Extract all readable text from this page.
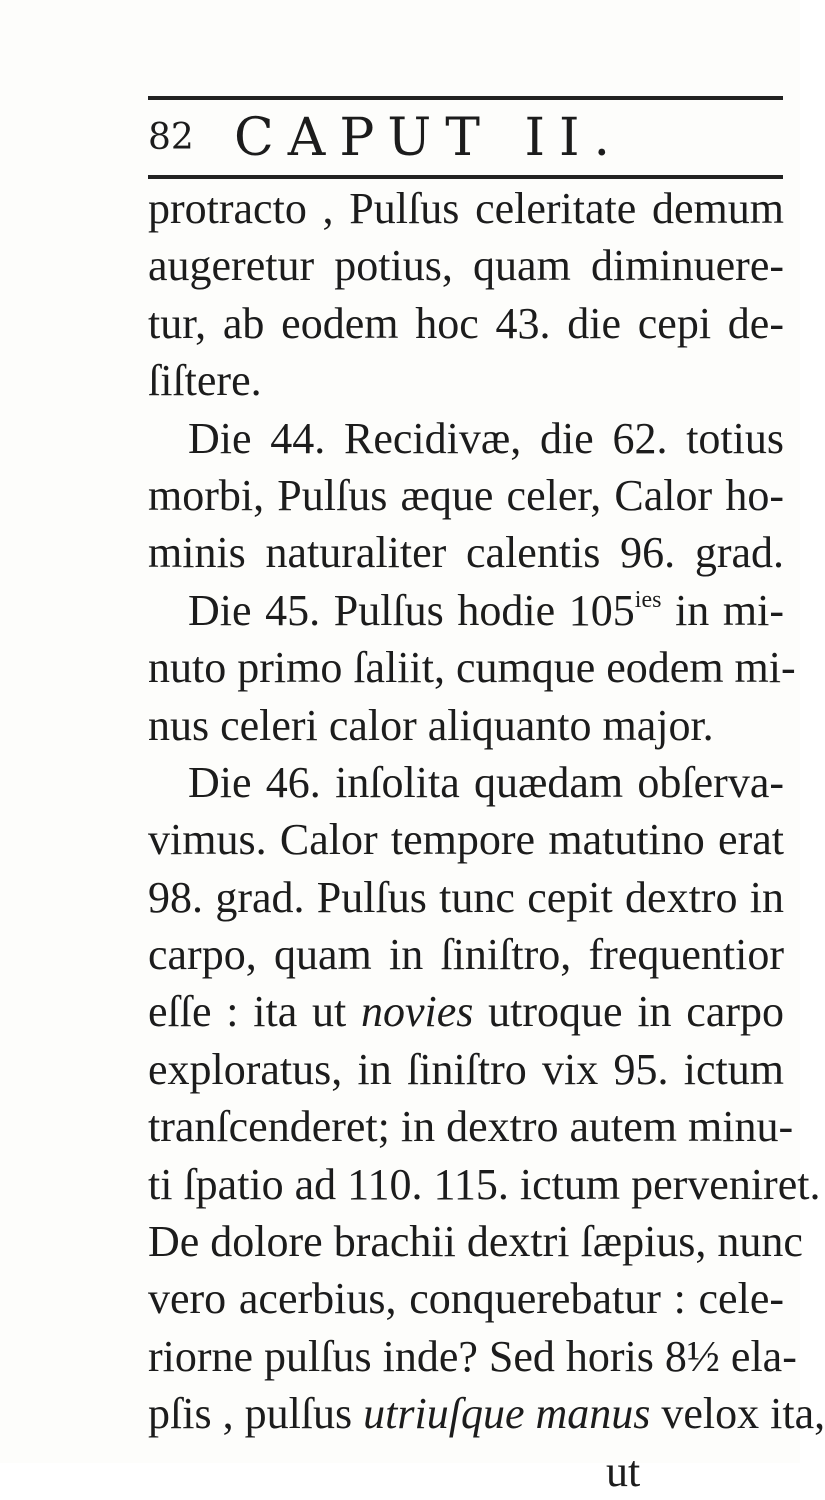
82 CAPUT II.
protracto , Pulſus celeritate demum
augeretur potius, quam diminuere-
tur, ab eodem hoc 43. die cepi de-
ſiſtere.
Die 44. Recidivæ, die 62. totius
morbi, Pulſus æque celer, Calor ho-
minis naturaliter calentis 96. grad.
Die 45. Pulſus hodie $105^{ies}$ in mi-
nuto primo ſaliit, cumque eodem mi-
nus celeri calor aliquanto major.
Die 46. inſolita quædam obſerva-
vimus. Calor tempore matutino erat
98. grad. Pulſus tunc cepit dextro in
carpo, quam in ſiniſtro, frequentior
eſſe : ita ut novies utroque in carpo
exploratus, in ſiniſtro vix 95. ictum
tranſcenderet; in dextro autem minu-
ti ſpatio ad 110. 115. ictum perveniret.
De dolore brachii dextri ſæpius, nunc
vero acerbius, conquerebatur : cele-
riorne pulſus inde? Sed horis 8½ ela-
pſis , pulſus utriuſque manus velox ita,
ut
